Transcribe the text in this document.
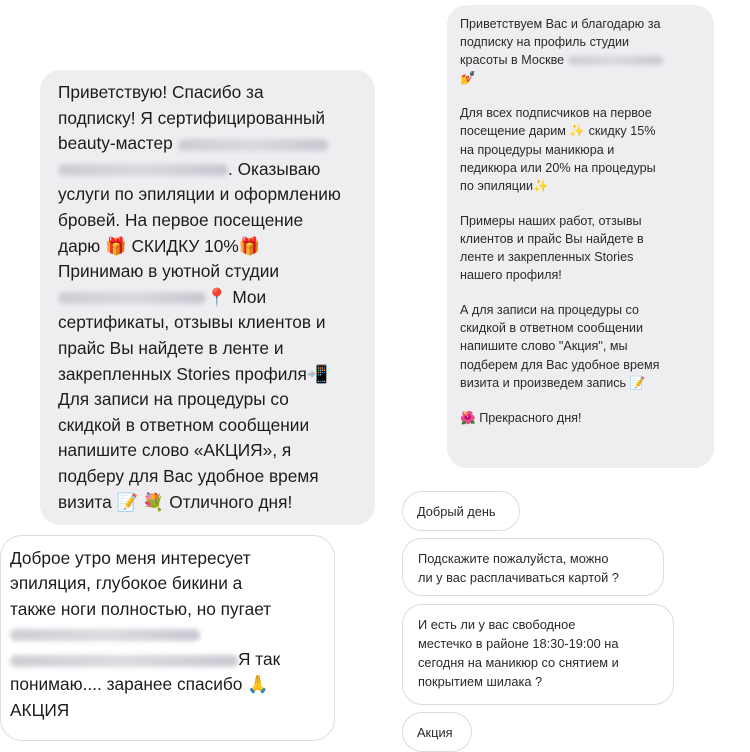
Приветствую! Спасибо за
подписку! Я сертифицированный
beauty-мастер
. Оказываю
услуги по эпиляции и оформлению
бровей. На первое посещение
дарю 🎁 СКИДКУ 10%🎁
Принимаю в уютной студии
📍 Мои
сертификаты, отзывы клиентов и
прайс Вы найдете в ленте и
закрепленных Stories профиля📲
Для записи на процедуры со
скидкой в ответном сообщении
напишите слово «АКЦИЯ», я
подберу для Вас удобное время
визита 📝 💐 Отличного дня!
Доброе утро меня интересует
эпиляция, глубокое бикини а
также ноги полностью, но пугает
Я так
понимаю.... заранее спасибо 🙏
АКЦИЯ
Приветствуем Вас и благодарю за
подписку на профиль студии
красоты в Москве
💅
Для всех подписчиков на первое
посещение дарим ✨ скидку 15%
на процедуры маникюра и
педикюра или 20% на процедуры
по эпиляции✨
Примеры наших работ, отзывы
клиентов и прайс Вы найдете в
ленте и закрепленных Stories
нашего профиля!
А для записи на процедуры со
скидкой в ответном сообщении
напишите слово "Акция", мы
подберем для Вас удобное время
визита и произведем запись 📝
🌺 Прекрасного дня!
Добрый день
Подскажите пожалуйста, можно
ли у вас расплачиваться картой ?
И есть ли у вас свободное
местечко в районе 18:30-19:00 на
сегодня на маникюр со снятием и
покрытием шилака ?
Акция
